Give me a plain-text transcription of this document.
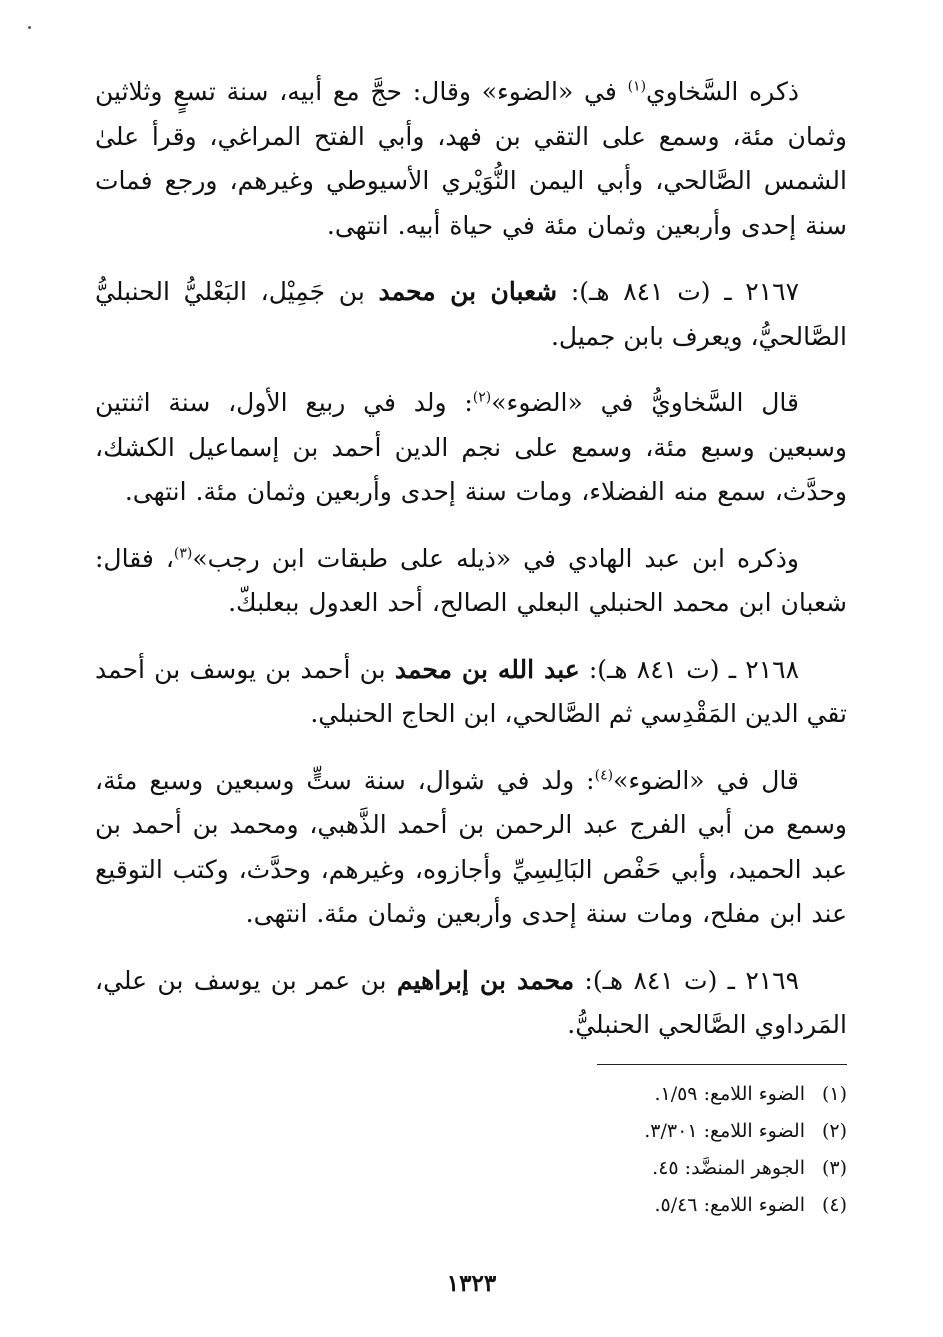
ذكره السَّخاوي$^{(١)}$ في «الضوء» وقال: حجَّ مع أبيه، سنة تسعٍ وثلاثين وثمان مئة، وسمع على التقي بن فهد، وأبي الفتح المراغي، وقرأ علىٰ الشمس الصَّالحي، وأبي اليمن النُّوَيْري الأسيوطي وغيرهم، ورجع فمات سنة إحدى وأربعين وثمان مئة في حياة أبيه. انتهى.

٢١٦٧ ـ (ت ٨٤١ هـ): شعبان بن محمد بن جَمِيْل، البَعْليُّ الحنبليُّ الصَّالحيُّ، ويعرف بابن جميل.

قال السَّخاويُّ في «الضوء»$^{(٢)}$: ولد في ربيع الأول، سنة اثنتين وسبعين وسبع مئة، وسمع على نجم الدين أحمد بن إسماعيل الكشك، وحدَّث، سمع منه الفضلاء، ومات سنة إحدى وأربعين وثمان مئة. انتهى.

وذكره ابن عبد الهادي في «ذيله على طبقات ابن رجب»$^{(٣)}$، فقال: شعبان ابن محمد الحنبلي البعلي الصالح، أحد العدول ببعلبكّ.

٢١٦٨ ـ (ت ٨٤١ هـ): عبد الله بن محمد بن أحمد بن يوسف بن أحمد تقي الدين المَقْدِسي ثم الصَّالحي، ابن الحاج الحنبلي.

قال في «الضوء»$^{(٤)}$: ولد في شوال، سنة ستٍّ وسبعين وسبع مئة، وسمع من أبي الفرج عبد الرحمن بن أحمد الذَّهبي، ومحمد بن أحمد بن عبد الحميد، وأبي حَفْص البَالِسِيِّ وأجازوه، وغيرهم، وحدَّث، وكتب التوقيع عند ابن مفلح، ومات سنة إحدى وأربعين وثمان مئة. انتهى.

٢١٦٩ ـ (ت ٨٤١ هـ): محمد بن إبراهيم بن عمر بن يوسف بن علي، المَرداوي الصَّالحي الحنبليُّ.

(١)الضوء اللامع: ١/٥٩.
(٢)الضوء اللامع: ٣/٣٠١.
(٣)الجوهر المنضَّد: ٤٥.
(٤)الضوء اللامع: ٥/٤٦.
١٣٢٣
